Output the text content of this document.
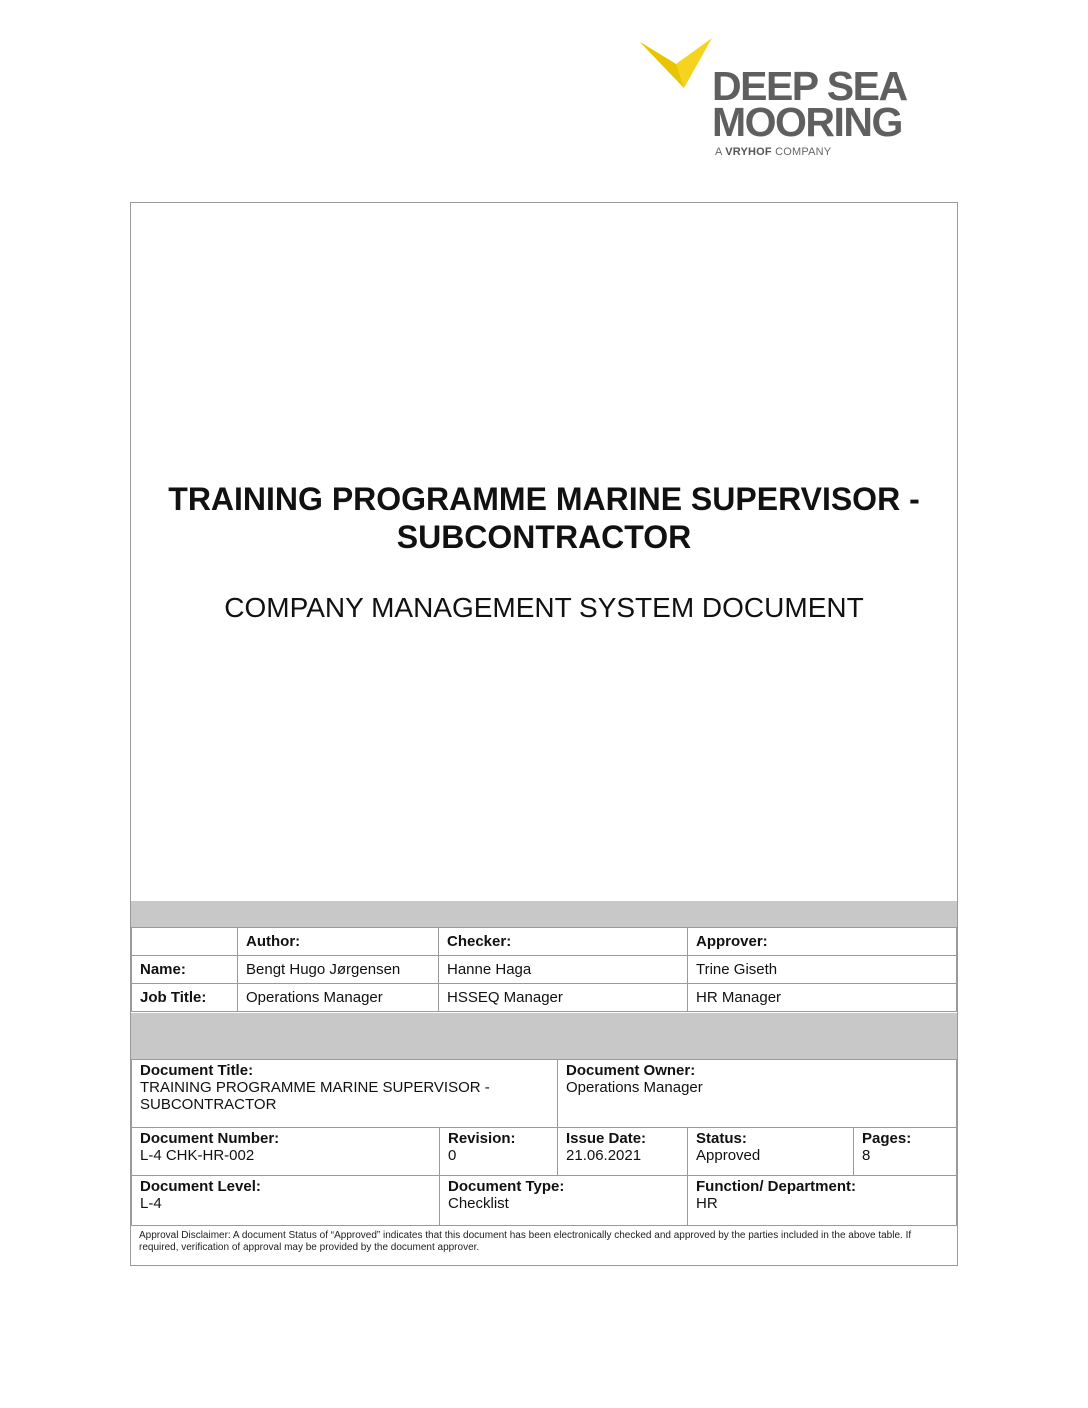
DEEP SEA
MOORING
A VRYHOF COMPANY
TRAINING PROGRAMME MARINE SUPERVISOR -
SUBCONTRACTOR
COMPANY MANAGEMENT SYSTEM DOCUMENT
	Author:	Checker:	Approver:
Name:	Bengt Hugo Jørgensen	Hanne Haga	Trine Giseth
Job Title:	Operations Manager	HSSEQ Manager	HR Manager
Document Title:
TRAINING PROGRAMME MARINE SUPERVISOR -
SUBCONTRACTOR		Document Owner:
Operations Manager		

Document Number:
L-4 CHK-HR-002	Revision:
0	Issue Date:
21.06.2021	Status:
Approved	Pages:
8

Document Level:
L-4	Document Type:
Checklist		Function/ Department:
HR	
Approval Disclaimer: A document Status of “Approved” indicates that this document has been electronically checked and approved by the parties included in the above table. If required, verification of approval may be provided by the document approver.
